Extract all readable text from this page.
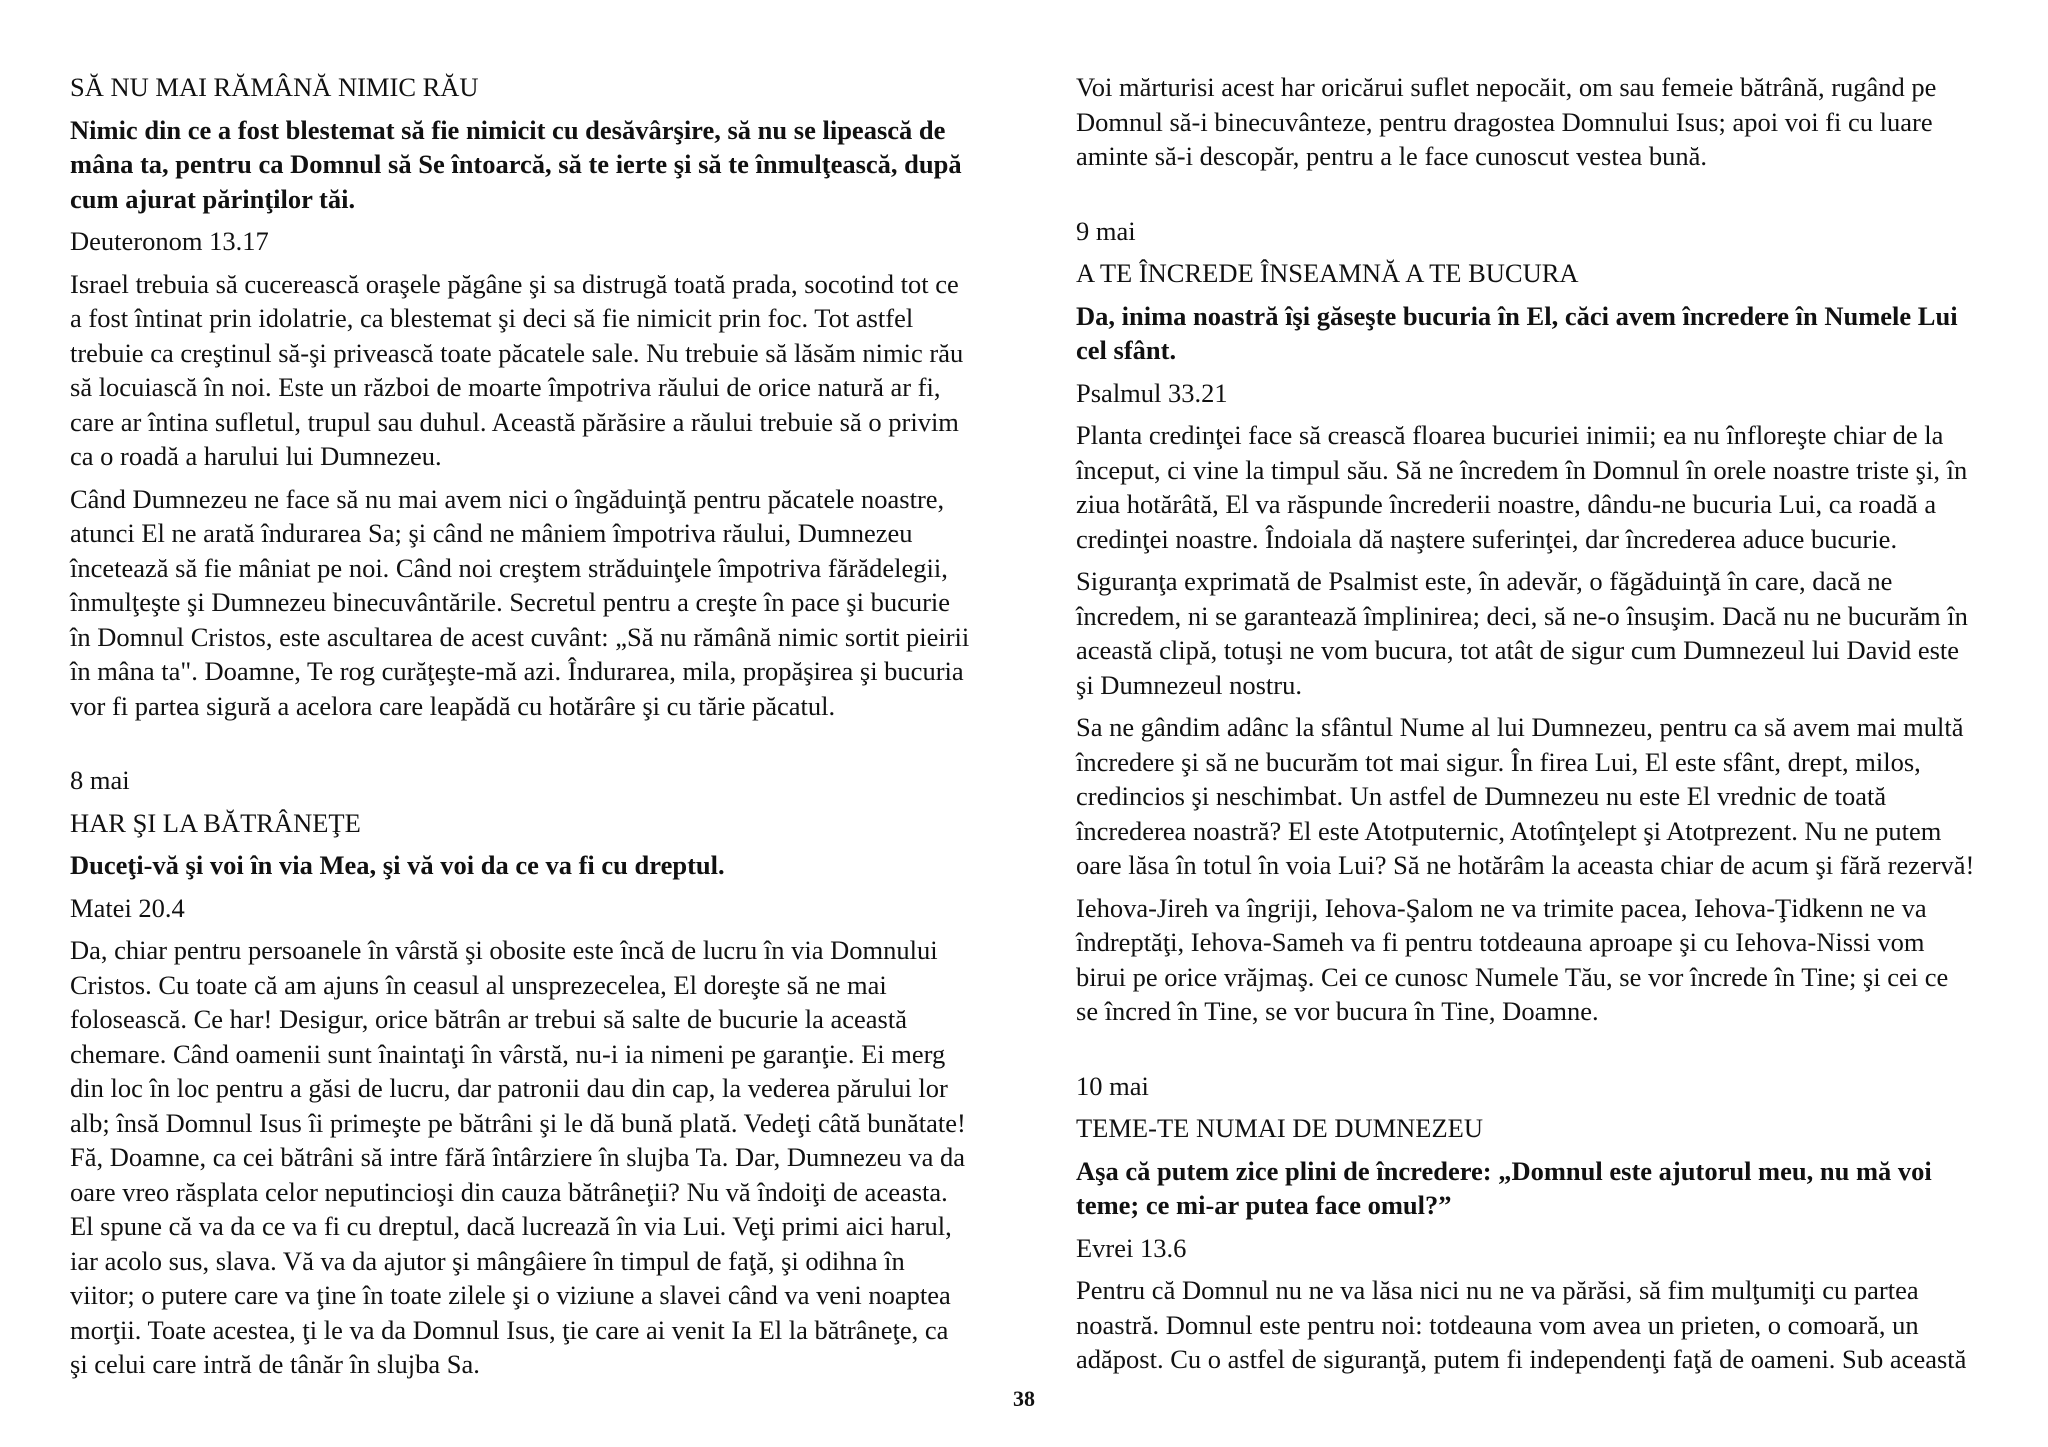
SĂ NU MAI RĂMÂNĂ NIMIC RĂU

Nimic din ce a fost blestemat să fie nimicit cu desăvârşire, să nu se lipească de mâna ta, pentru ca Domnul să Se întoarcă, să te ierte şi să te înmulţească, după cum ajurat părinţilor tăi.

Deuteronom 13.17

Israel trebuia să cucerească oraşele păgâne şi sa distrugă toată prada, socotind tot ce a fost întinat prin idolatrie, ca blestemat şi deci să fie nimicit prin foc. Tot astfel trebuie ca creştinul să-şi privească toate păcatele sale. Nu trebuie să lăsăm nimic rău să locuiască în noi. Este un război de moarte împotriva răului de orice natură ar fi, care ar întina sufletul, trupul sau duhul. Această părăsire a răului trebuie să o privim ca o roadă a harului lui Dumnezeu.

Când Dumnezeu ne face să nu mai avem nici o îngăduinţă pentru păcatele noastre, atunci El ne arată îndurarea Sa; şi când ne mâniem împotriva răului, Dumnezeu încetează să fie mâniat pe noi. Când noi creştem străduinţele împotriva fărădelegii, înmulţeşte şi Dumnezeu binecuvântările. Secretul pentru a creşte în pace şi bucurie în Domnul Cristos, este ascultarea de acest cuvânt: „Să nu rămână nimic sortit pieirii în mâna ta". Doamne, Te rog curăţeşte-mă azi. Îndurarea, mila, propăşirea şi bucuria vor fi partea sigură a acelora care leapădă cu hotărâre şi cu tărie păcatul.

8 mai

HAR ŞI LA BĂTRÂNEŢE

Duceţi-vă şi voi în via Mea, şi vă voi da ce va fi cu dreptul.

Matei 20.4

Da, chiar pentru persoanele în vârstă şi obosite este încă de lucru în via Domnului Cristos. Cu toate că am ajuns în ceasul al unsprezecelea, El doreşte să ne mai folosească. Ce har! Desigur, orice bătrân ar trebui să salte de bucurie la această chemare. Când oamenii sunt înaintaţi în vârstă, nu-i ia nimeni pe garanţie. Ei merg din loc în loc pentru a găsi de lucru, dar patronii dau din cap, la vederea părului lor alb; însă Domnul Isus îi primeşte pe bătrâni şi le dă bună plată. Vedeţi câtă bunătate! Fă, Doamne, ca cei bătrâni să intre fără întârziere în slujba Ta. Dar, Dumnezeu va da oare vreo răsplata celor neputincioşi din cauza bătrâneţii? Nu vă îndoiţi de aceasta. El spune că va da ce va fi cu dreptul, dacă lucrează în via Lui. Veţi primi aici harul, iar acolo sus, slava. Vă va da ajutor şi mângâiere în timpul de faţă, şi odihna în viitor; o putere care va ţine în toate zilele şi o viziune a slavei când va veni noaptea morţii. Toate acestea, ţi le va da Domnul Isus, ţie care ai venit Ia El la bătrâneţe, ca şi celui care intră de tânăr în slujba Sa.

Voi mărturisi acest har oricărui suflet nepocăit, om sau femeie bătrână, rugând pe Domnul să-i binecuvânteze, pentru dragostea Domnului Isus; apoi voi fi cu luare aminte să-i descopăr, pentru a le face cunoscut vestea bună.

9 mai

A TE ÎNCREDE ÎNSEAMNĂ A TE BUCURA

Da, inima noastră îşi găseşte bucuria în El, căci avem încredere în Numele Lui cel sfânt.

Psalmul 33.21

Planta credinţei face să crească floarea bucuriei inimii; ea nu înfloreşte chiar de la început, ci vine la timpul său. Să ne încredem în Domnul în orele noastre triste şi, în ziua hotărâtă, El va răspunde încrederii noastre, dându-ne bucuria Lui, ca roadă a credinţei noastre. Îndoiala dă naştere suferinţei, dar încrederea aduce bucurie.

Siguranţa exprimată de Psalmist este, în adevăr, o făgăduinţă în care, dacă ne încredem, ni se garantează împlinirea; deci, să ne-o însuşim. Dacă nu ne bucurăm în această clipă, totuşi ne vom bucura, tot atât de sigur cum Dumnezeul lui David este şi Dumnezeul nostru.

Sa ne gândim adânc la sfântul Nume al lui Dumnezeu, pentru ca să avem mai multă încredere şi să ne bucurăm tot mai sigur. În firea Lui, El este sfânt, drept, milos, credincios şi neschimbat. Un astfel de Dumnezeu nu este El vrednic de toată încrederea noastră? El este Atotputernic, Atotînţelept şi Atotprezent. Nu ne putem oare lăsa în totul în voia Lui? Să ne hotărâm la aceasta chiar de acum şi fără rezervă!

Iehova-Jireh va îngriji, Iehova-Şalom ne va trimite pacea, Iehova-Ţidkenn ne va îndreptăţi, Iehova-Sameh va fi pentru totdeauna aproape şi cu Iehova-Nissi vom birui pe orice vrăjmaş. Cei ce cunosc Numele Tău, se vor încrede în Tine; şi cei ce se încred în Tine, se vor bucura în Tine, Doamne.

10 mai

TEME-TE NUMAI DE DUMNEZEU

Aşa că putem zice plini de încredere: „Domnul este ajutorul meu, nu mă voi teme; ce mi-ar putea face omul?”

Evrei 13.6

Pentru că Domnul nu ne va lăsa nici nu ne va părăsi, să fim mulţumiţi cu partea noastră. Domnul este pentru noi: totdeauna vom avea un prieten, o comoară, un adăpost. Cu o astfel de siguranţă, putem fi independenţi faţă de oameni. Sub această

38
